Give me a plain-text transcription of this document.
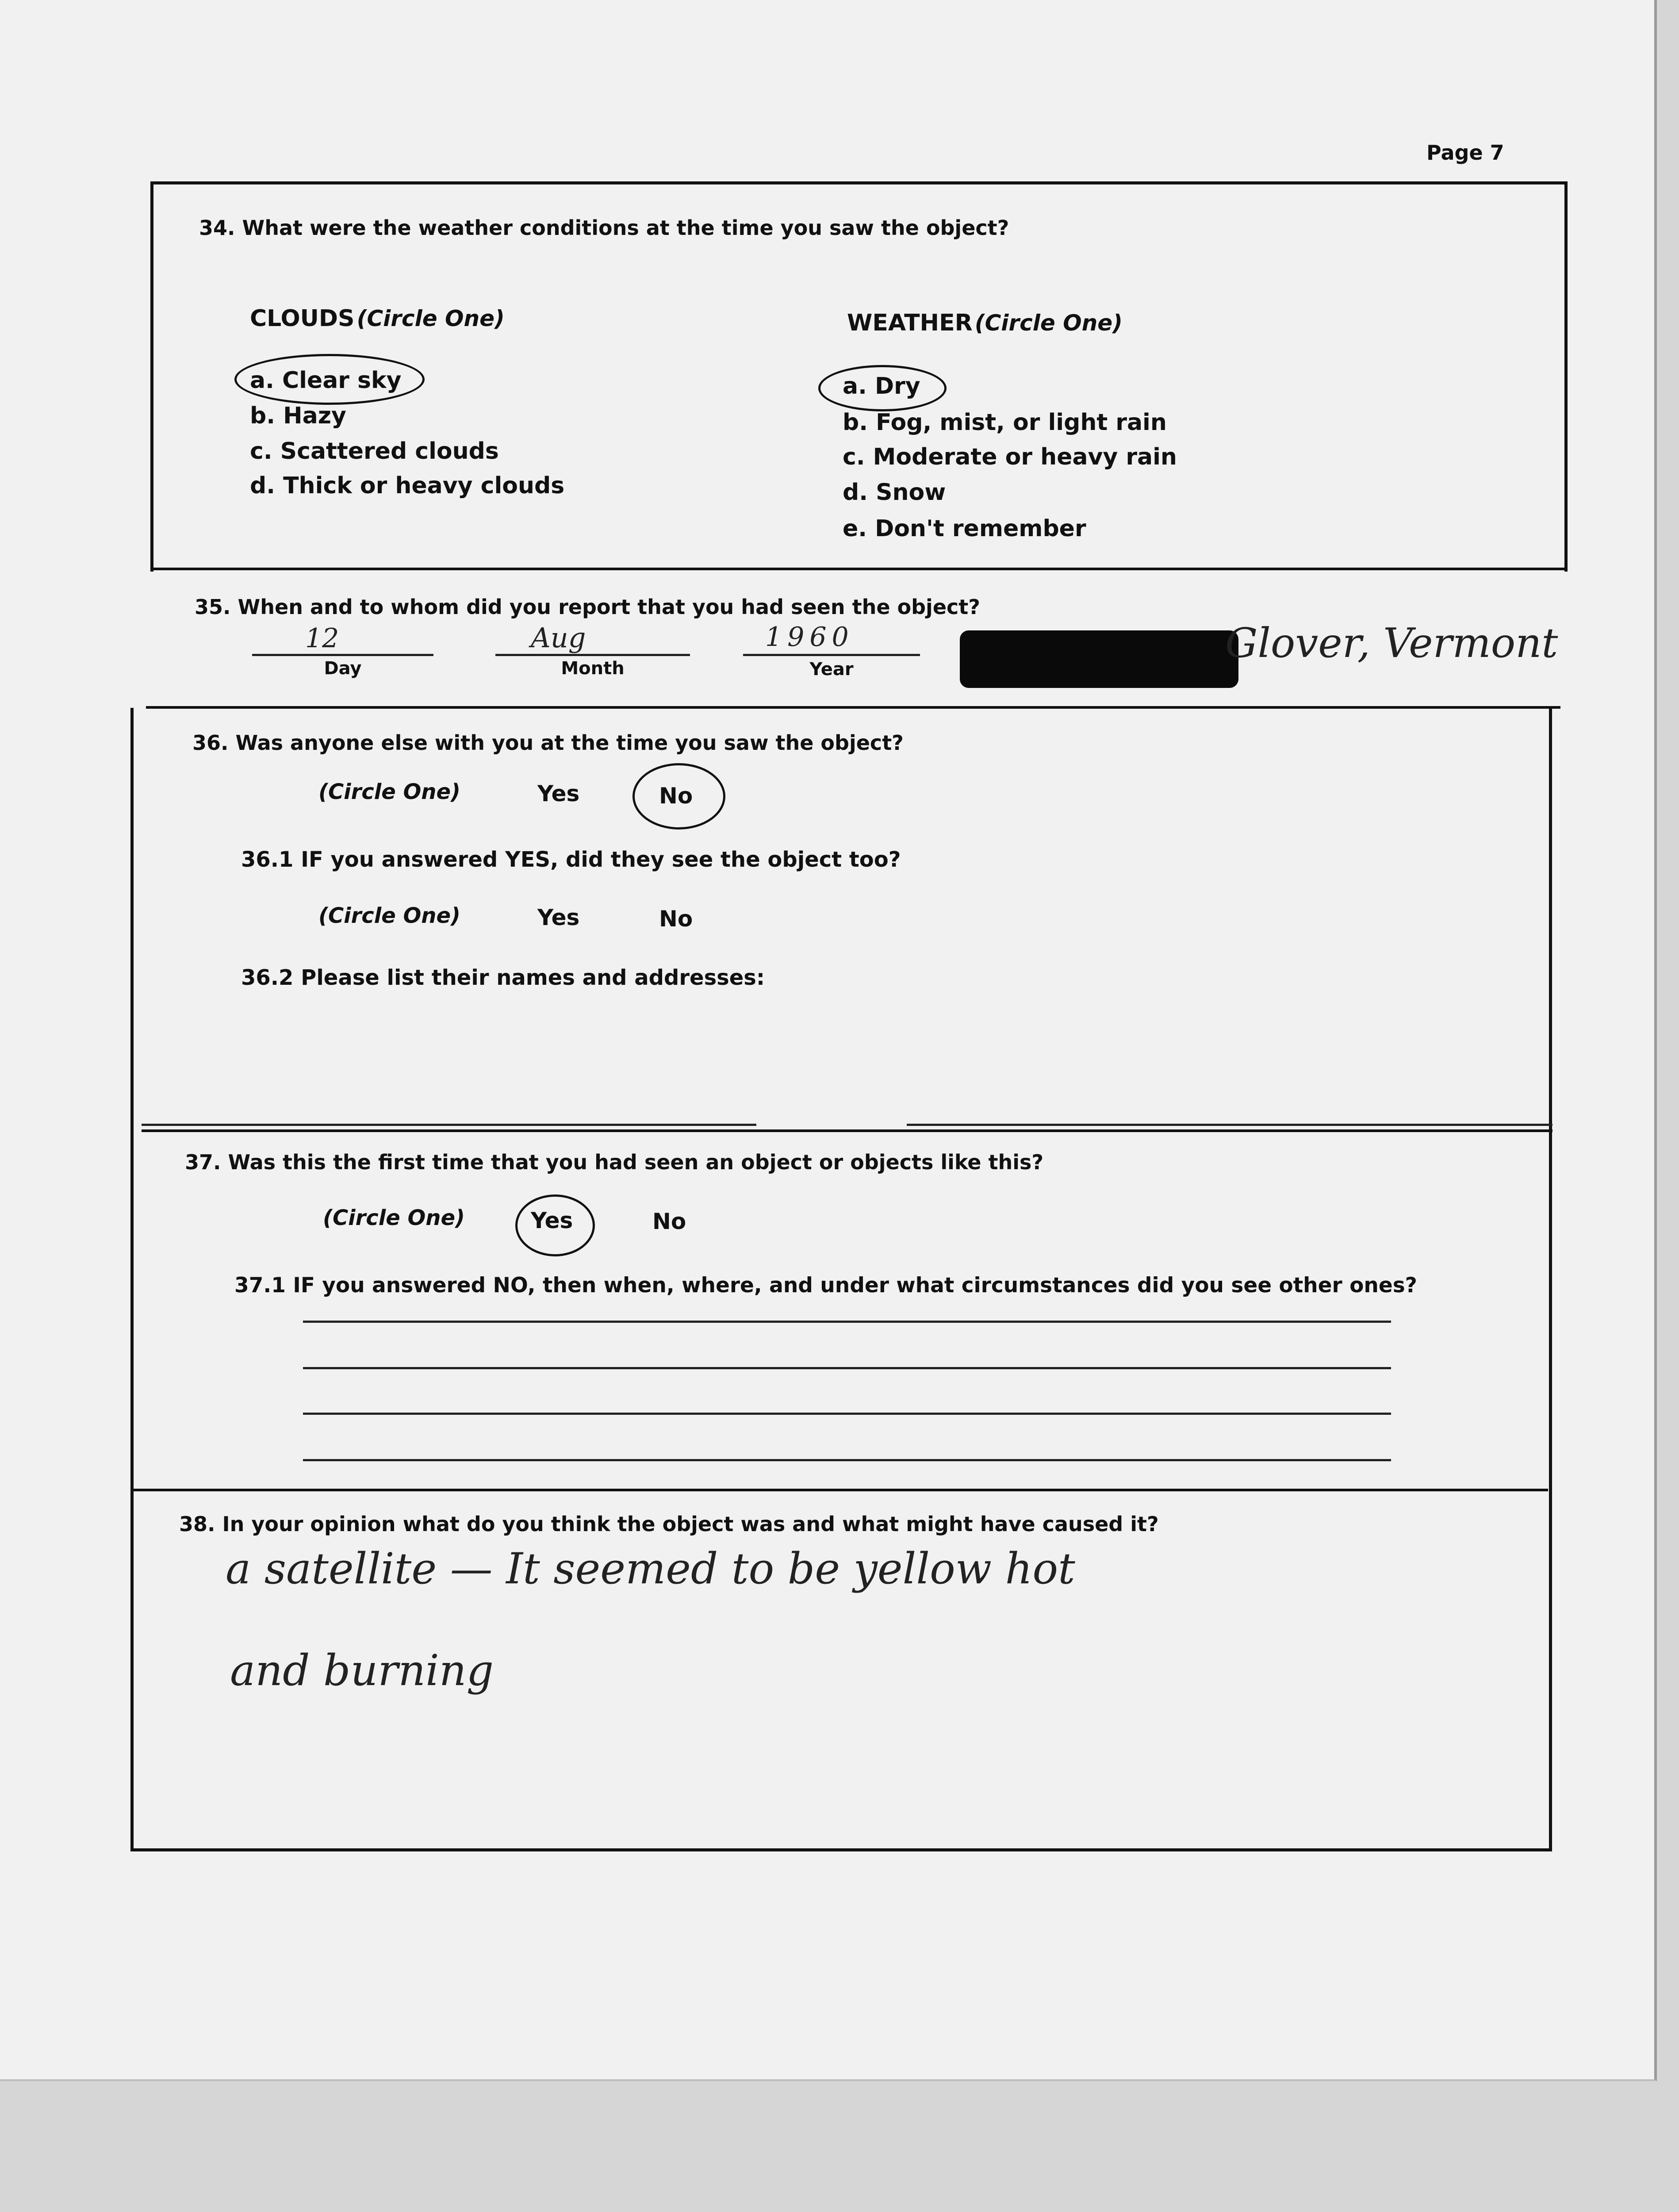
Page 7
34. What were the weather conditions at the time you saw the object?
CLOUDS (Circle One)
a. Clear sky
b. Hazy
c. Scattered clouds
d. Thick or heavy clouds
WEATHER (Circle One)
a. Dry
b. Fog, mist, or light rain
c. Moderate or heavy rain
d. Snow
e. Don't remember
35. When and to whom did you report that you had seen the object?
12
Day
Aug
Month
1960
Year
Glover, Vermont
36. Was anyone else with you at the time you saw the object?
(Circle One)	Yes	No
36.1 IF you answered YES, did they see the object too?
(Circle One)	Yes	No
36.2 Please list their names and addresses:
37. Was this the first time that you had seen an object or objects like this?
(Circle One)	Yes	No
37.1 IF you answered NO, then when, where, and under what circumstances did you see other ones?
38. In your opinion what do you think the object was and what might have caused it?
a satellite — It seemed to be yellow hot
and burning
